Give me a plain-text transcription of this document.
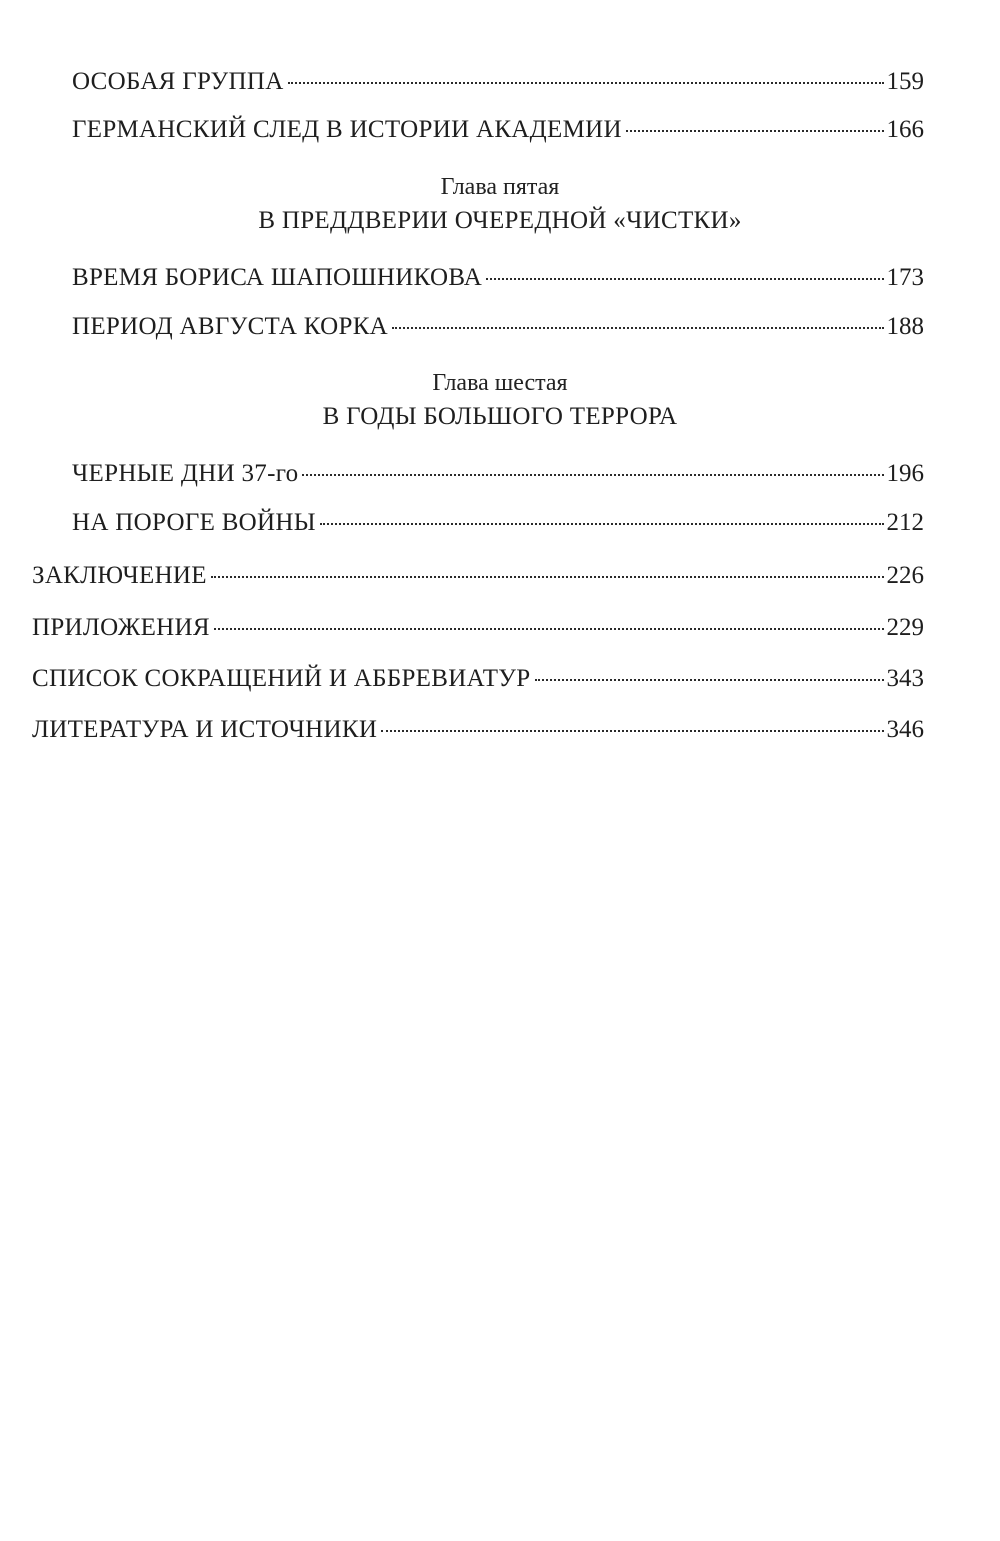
ОСОБАЯ ГРУППА	159
ГЕРМАНСКИЙ СЛЕД В ИСТОРИИ АКАДЕМИИ	166
Глава пятая
В ПРЕДДВЕРИИ ОЧЕРЕДНОЙ «ЧИСТКИ»
ВРЕМЯ БОРИСА ШАПОШНИКОВА	173
ПЕРИОД АВГУСТА КОРКА	188
Глава шестая
В ГОДЫ БОЛЬШОГО ТЕРРОРА
ЧЕРНЫЕ ДНИ 37-го	196
НА ПОРОГЕ ВОЙНЫ	212
ЗАКЛЮЧЕНИЕ	226
ПРИЛОЖЕНИЯ	229
СПИСОК СОКРАЩЕНИЙ И АББРЕВИАТУР	343
ЛИТЕРАТУРА И ИСТОЧНИКИ	346
